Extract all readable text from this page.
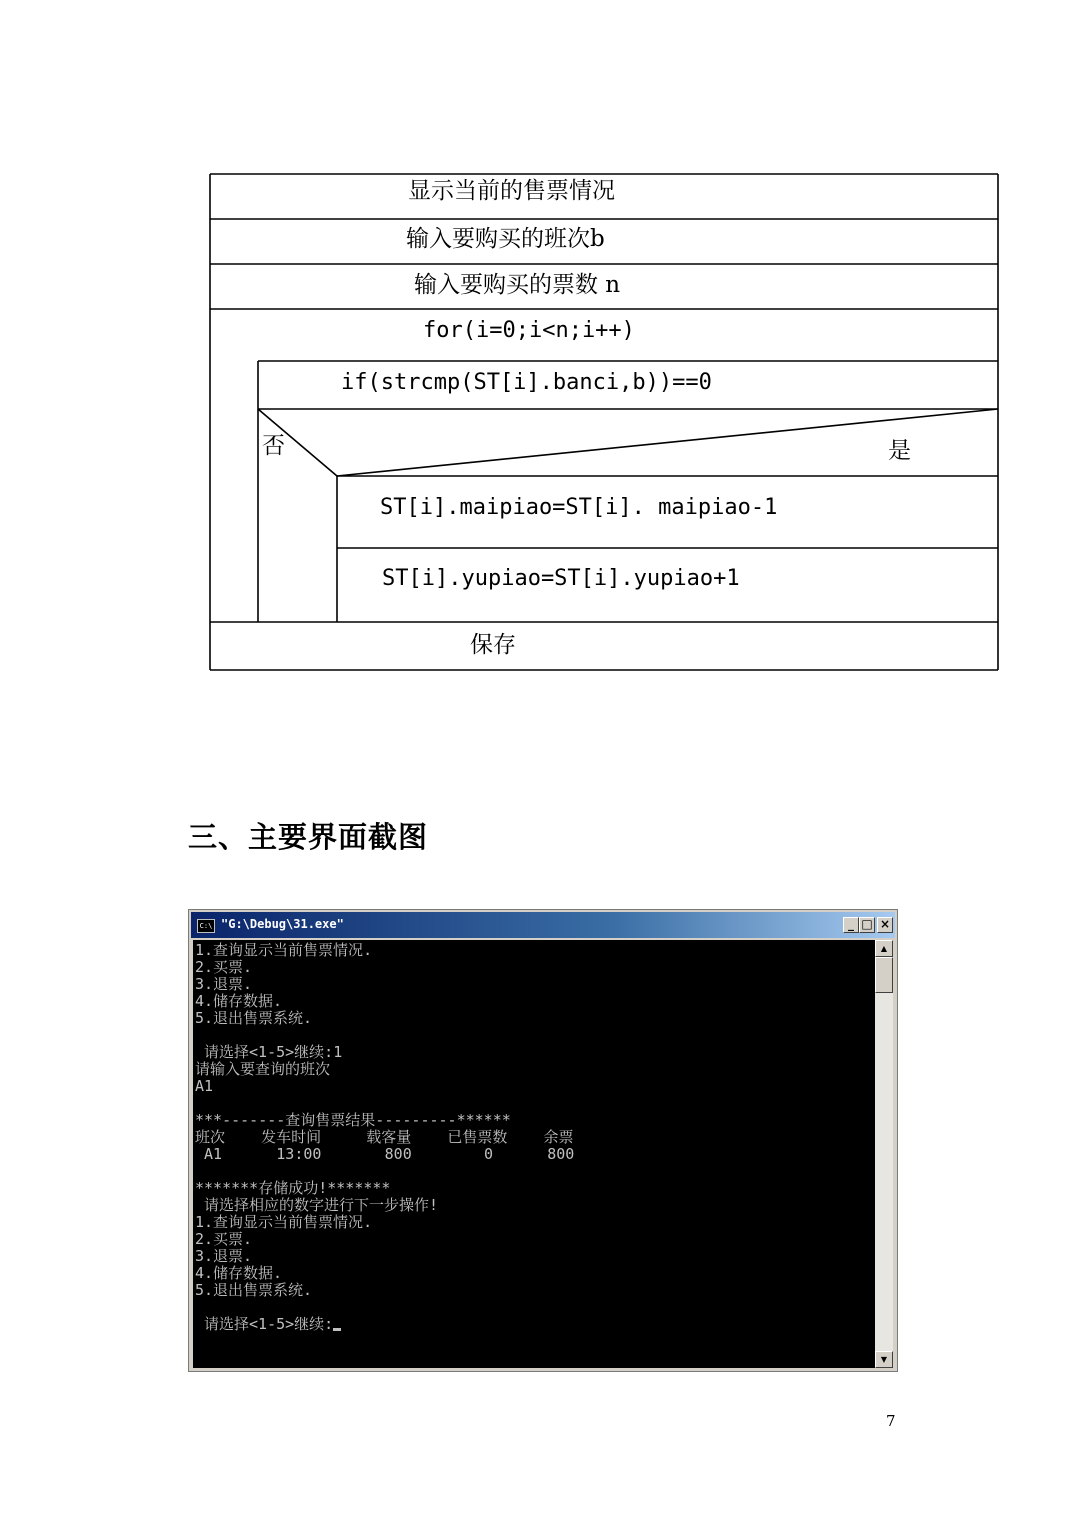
显示当前的售票情况
输入要购买的班次b
输入要购买的票数 n
for(i=0;i<n;i++)
if(strcmp(ST[i].banci,b))==0
否	是
ST[i].maipiao=ST[i]. maipiao-1
ST[i].yupiao=ST[i].yupiao+1
保存
三、主要界面截图
C:\ "G:\Debug\31.exe"	_ □ ×
1.查询显示当前售票情况.
2.买票.
3.退票.
4.储存数据.
5.退出售票系统.
请选择<1-5>继续:1
请输入要查询的班次
A1
***-------查询售票结果---------******
班次    发车时间     载客量    已售票数    余票
A1      13:00       800        0      800
*******存储成功!*******
请选择相应的数字进行下一步操作!
1.查询显示当前售票情况.
2.买票.
3.退票.
4.储存数据.
5.退出售票系统.
请选择<1-5>继续:
▲
▼
7
